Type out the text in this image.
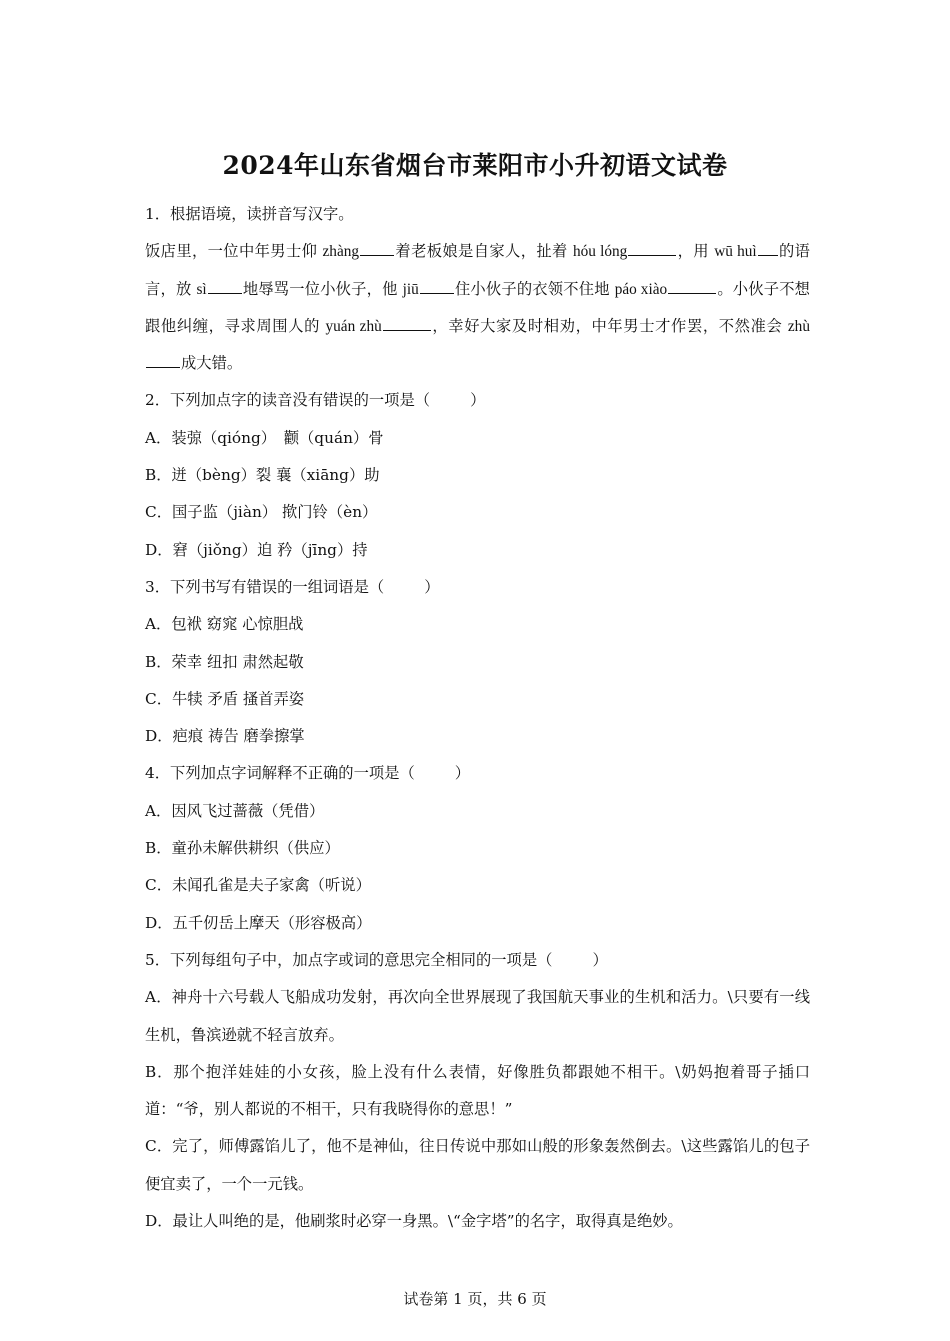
2024年山东省烟台市莱阳市小升初语文试卷
1．根据语境，读拼音写汉字。
饭店里，一位中年男士仰 zhàng 着老板娘是自家人，扯着 hóu lóng	，用 wū huì 的语言，放 sì 地辱骂一位小伙子，他 jiū 住小伙子的衣领不住地 páo xiào	。小伙子不想跟他纠缠，寻求周围人的 yuán zhù	，幸好大家及时相劝，中年男士才作罢，不然准会 zhù成大错。
2．下列加点字的读音没有错误的一项是（	）
A．装弶（qióng）　颧（quán）骨
B．迸（bèng）裂 襄（xiāng）助
C．国子监（jiàn） 揿门铃（èn）
D．窘（jiǒng）迫 矜（jīng）持
3．下列书写有错误的一组词语是（	）
A．包袱 窈窕 心惊胆战
B．荣幸 纽扣 肃然起敬
C．牛犊 矛盾 搔首弄姿
D．疤痕 祷告 磨拳擦掌
4．下列加点字词解释不正确的一项是（	）
A．因风飞过蔷薇（凭借）
B．童孙未解供耕织（供应）
C．未闻孔雀是夫子家禽（听说）
D．五千仞岳上摩天（形容极高）
5．下列每组句子中，加点字或词的意思完全相同的一项是（	）
A．神舟十六号载人飞船成功发射，再次向全世界展现了我国航天事业的生机和活力。\只要有一线生机，鲁滨逊就不轻言放弃。
B．那个抱洋娃娃的小女孩，脸上没有什么表情，好像胜负都跟她不相干。\奶妈抱着哥子插口道：“爷，别人都说的不相干，只有我晓得你的意思！”
C．完了，师傅露馅儿了，他不是神仙，往日传说中那如山般的形象轰然倒去。\这些露馅儿的包子便宜卖了，一个一元钱。
D．最让人叫绝的是，他刷浆时必穿一身黑。\“金字塔”的名字，取得真是绝妙。
试卷第 1 页，共 6 页
